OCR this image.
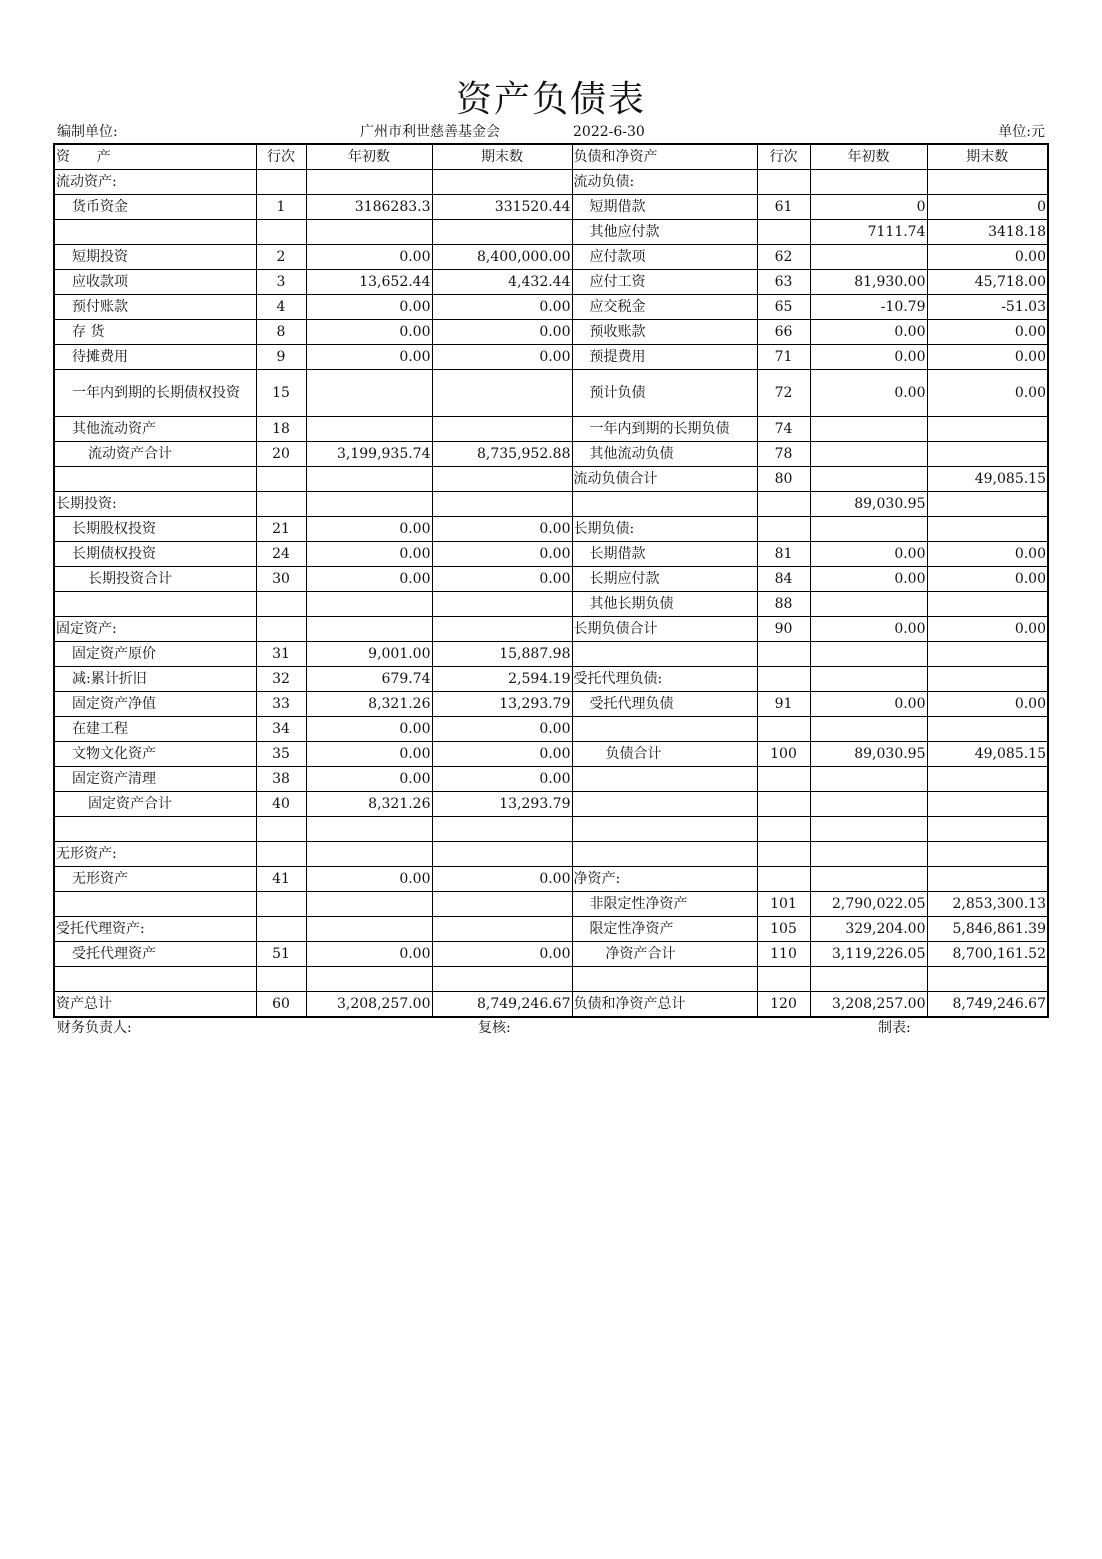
资产负债表
编制单位:	广州市利世慈善基金会	2022-6-30	单位:元
资      产	行次	年初数	期末数	负债和净资产	行次	年初数	期末数
流动资产:				流动负债:			
货币资金	1	3186283.3	331520.44	短期借款	61	0	0
				其他应付款		7111.74	3418.18
短期投资	2	0.00	8,400,000.00	应付款项	62		0.00
应收款项	3	13,652.44	4,432.44	应付工资	63	81,930.00	45,718.00
预付账款	4	0.00	0.00	应交税金	65	-10.79	-51.03
存 货	8	0.00	0.00	预收账款	66	0.00	0.00
待摊费用	9	0.00	0.00	预提费用	71	0.00	0.00
一年内到期的长期债权投资	15			预计负债	72	0.00	0.00
其他流动资产	18			一年内到期的长期负债	74		
流动资产合计	20	3,199,935.74	8,735,952.88	其他流动负债	78		
				流动负债合计	80		49,085.15
长期投资:						89,030.95	
长期股权投资	21	0.00	0.00	长期负债:			
长期债权投资	24	0.00	0.00	长期借款	81	0.00	0.00
长期投资合计	30	0.00	0.00	长期应付款	84	0.00	0.00
				其他长期负债	88		
固定资产:				长期负债合计	90	0.00	0.00
固定资产原价	31	9,001.00	15,887.98				
减:累计折旧	32	679.74	2,594.19	受托代理负债:			
固定资产净值	33	8,321.26	13,293.79	受托代理负债	91	0.00	0.00
在建工程	34	0.00	0.00				
文物文化资产	35	0.00	0.00	负债合计	100	89,030.95	49,085.15
固定资产清理	38	0.00	0.00				
固定资产合计	40	8,321.26	13,293.79				

无形资产:							
无形资产	41	0.00	0.00	净资产:			
				非限定性净资产	101	2,790,022.05	2,853,300.13
受托代理资产:				限定性净资产	105	329,204.00	5,846,861.39
受托代理资产	51	0.00	0.00	净资产合计	110	3,119,226.05	8,700,161.52

资产总计	60	3,208,257.00	8,749,246.67	负债和净资产总计	120	3,208,257.00	8,749,246.67
财务负责人:	复核:	制表:
